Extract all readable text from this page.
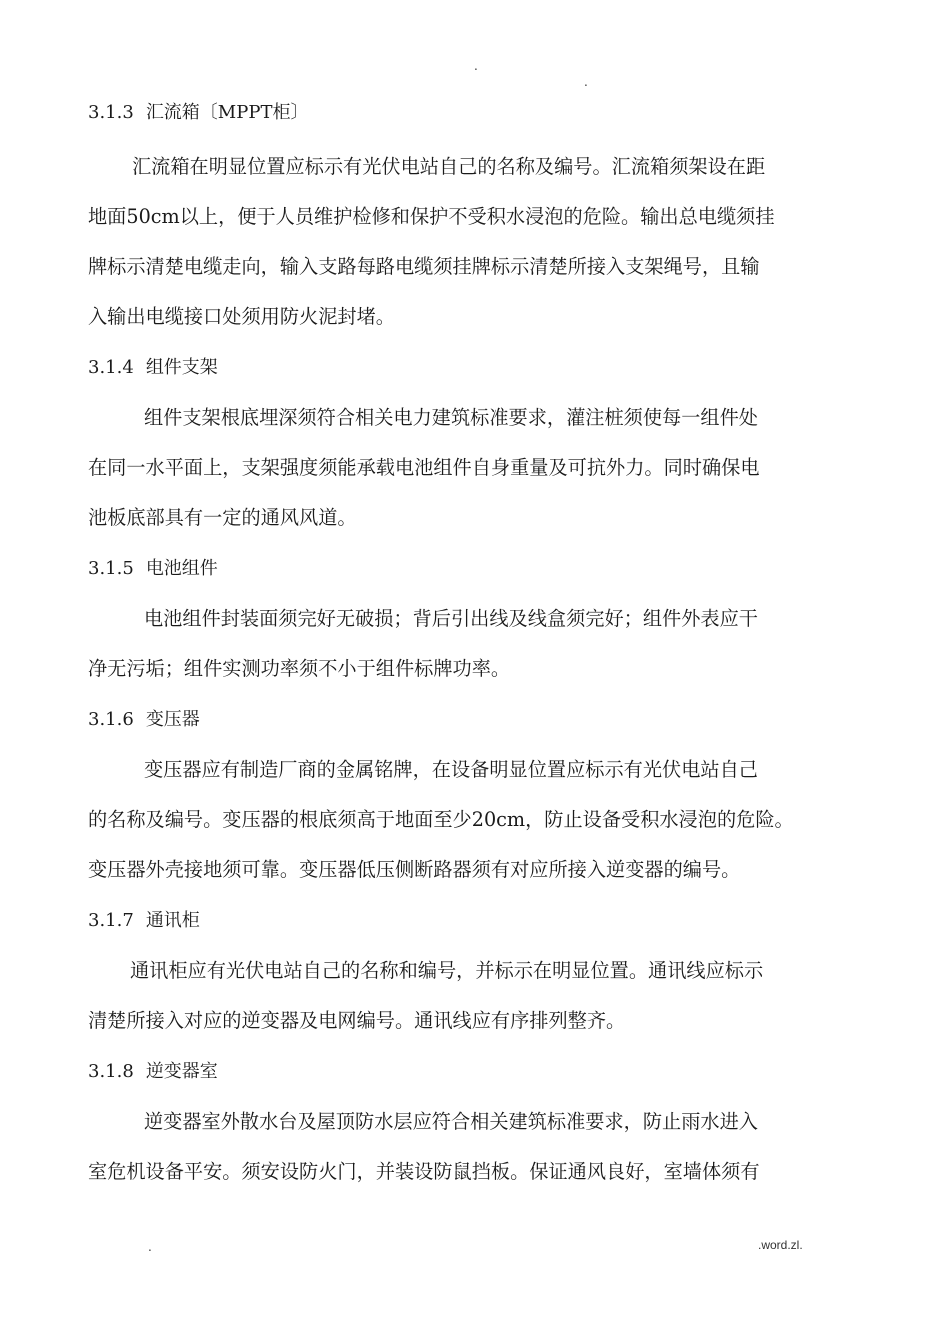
.
.

3.1.3 汇流箱〔MPPT柜〕

汇流箱在明显位置应标示有光伏电站自己的名称及编号。汇流箱须架设在距
地面50cm以上，便于人员维护检修和保护不受积水浸泡的危险。输出总电缆须挂
牌标示清楚电缆走向，输入支路每路电缆须挂牌标示清楚所接入支架绳号，且输
入输出电缆接口处须用防火泥封堵。

3.1.4 组件支架

组件支架根底埋深须符合相关电力建筑标准要求，灌注桩须使每一组件处
在同一水平面上，支架强度须能承载电池组件自身重量及可抗外力。同时确保电
池板底部具有一定的通风风道。

3.1.5 电池组件

电池组件封装面须完好无破损；背后引出线及线盒须完好；组件外表应干
净无污垢；组件实测功率须不小于组件标牌功率。

3.1.6 变压器

变压器应有制造厂商的金属铭牌，在设备明显位置应标示有光伏电站自己
的名称及编号。变压器的根底须高于地面至少20cm，防止设备受积水浸泡的危险。
变压器外壳接地须可靠。变压器低压侧断路器须有对应所接入逆变器的编号。

3.1.7 通讯柜

通讯柜应有光伏电站自己的名称和编号，并标示在明显位置。通讯线应标示
清楚所接入对应的逆变器及电网编号。通讯线应有序排列整齐。

3.1.8 逆变器室

逆变器室外散水台及屋顶防水层应符合相关建筑标准要求，防止雨水进入
室危机设备平安。须安设防火门，并装设防鼠挡板。保证通风良好，室墙体须有

.	.word.zl.
